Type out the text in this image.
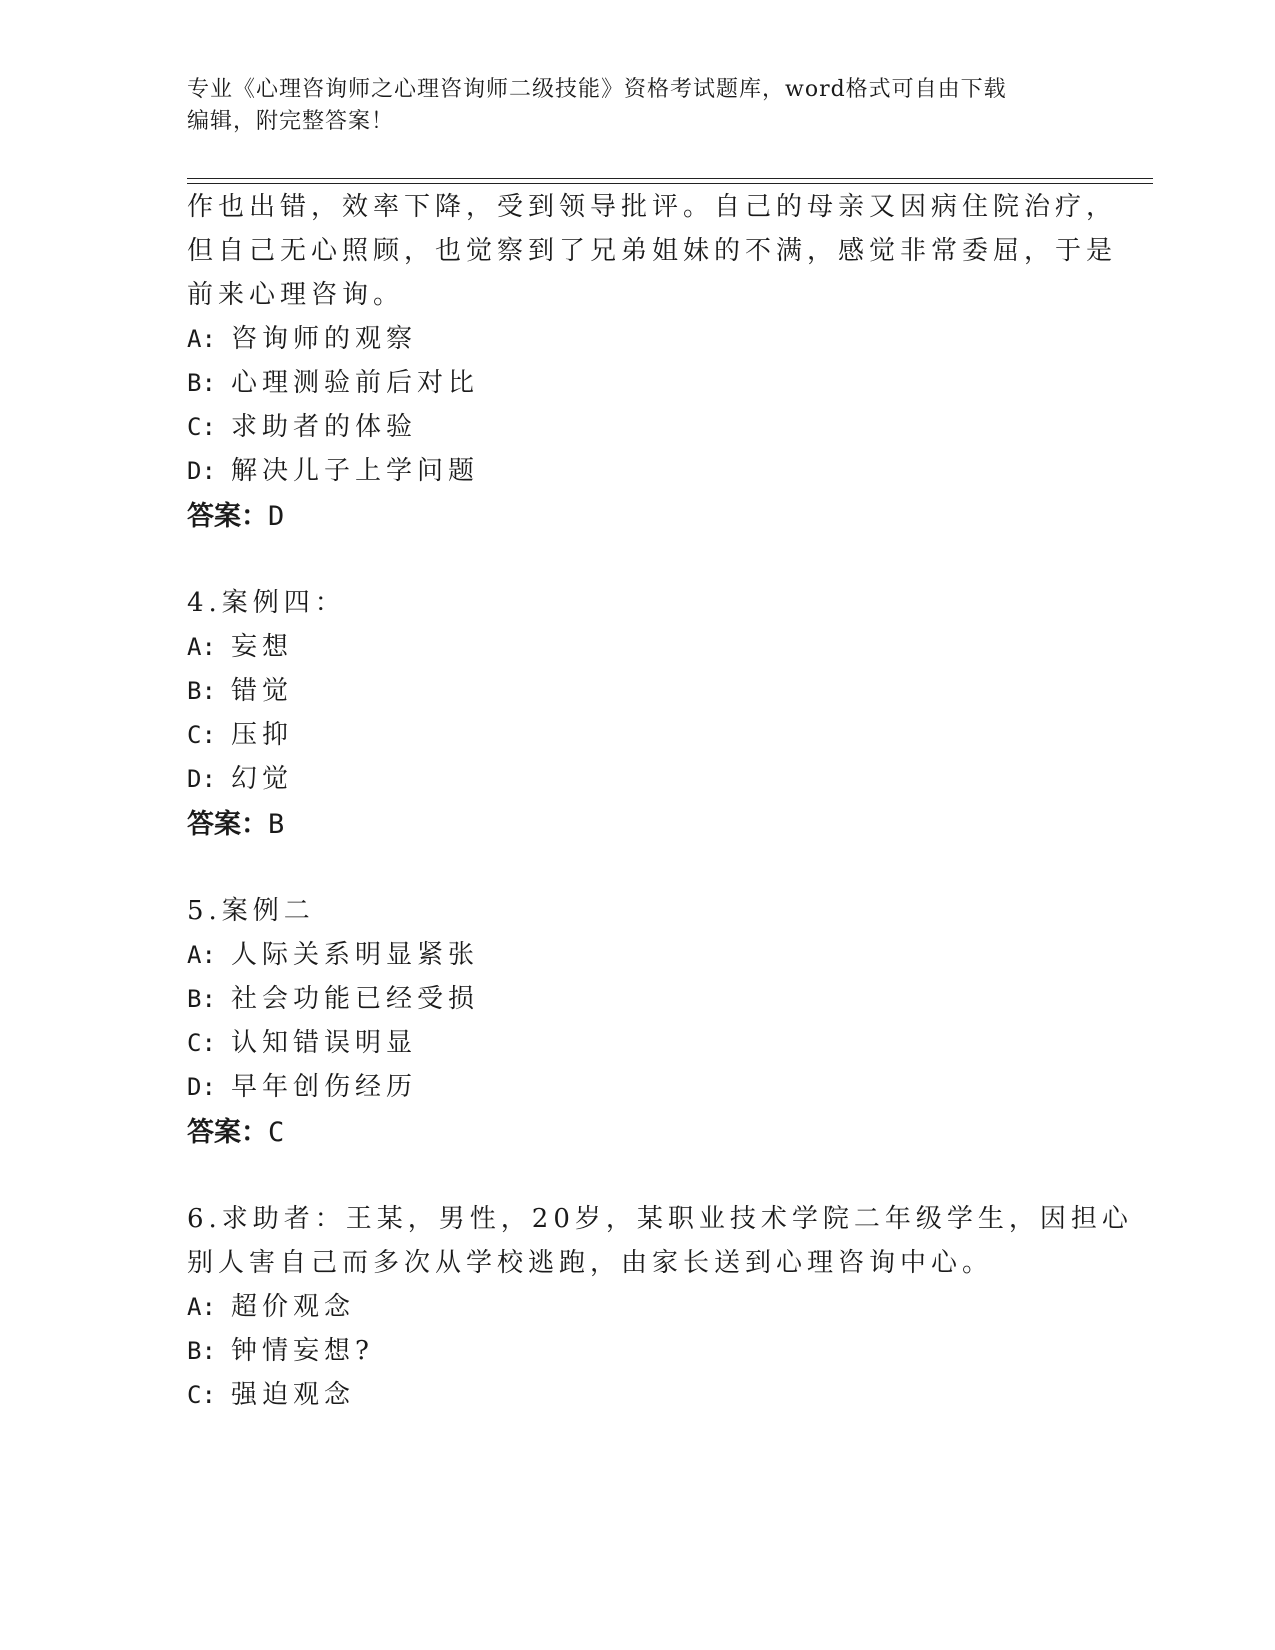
专业《心理咨询师之心理咨询师二级技能》资格考试题库，word格式可自由下载
编辑，附完整答案！
作也出错，效率下降，受到领导批评。自己的母亲又因病住院治疗，
但自己无心照顾，也觉察到了兄弟姐妹的不满，感觉非常委屈，于是
前来心理咨询。
A: 咨询师的观察
B: 心理测验前后对比
C: 求助者的体验
D: 解决儿子上学问题
答案：D
4.案例四：
A: 妄想
B: 错觉
C: 压抑
D: 幻觉
答案：B
5.案例二
A: 人际关系明显紧张
B: 社会功能已经受损
C: 认知错误明显
D: 早年创伤经历
答案：C
6.求助者：王某，男性，20岁，某职业技术学院二年级学生，因担心
别人害自己而多次从学校逃跑，由家长送到心理咨询中心。
A: 超价观念
B: 钟情妄想?
C: 强迫观念
